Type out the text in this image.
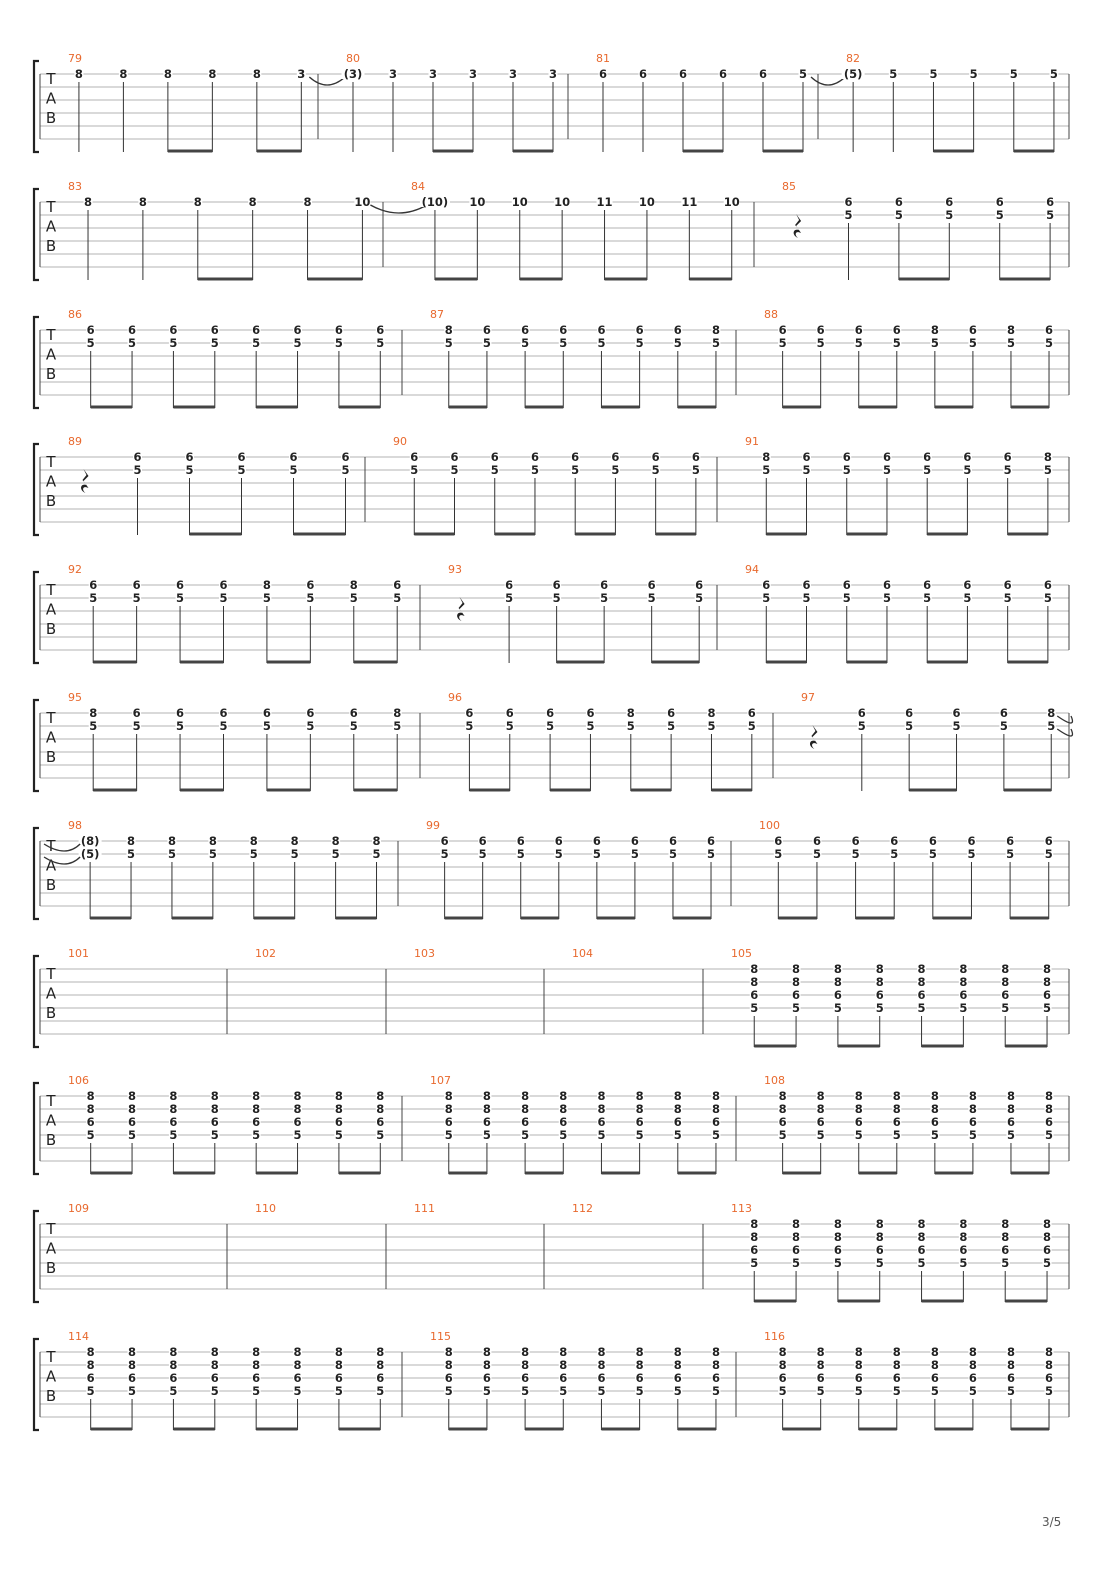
T
A
B
79
8	8	8	8	8	3
80
(3) 3	3	3	3	3
81
6	6	6	6	6	5
82
(5) 5	5	5	5	5
T
A
B
83
8	8	8	8	8	10
84
(10) 10 10 10 11 10 11 10
85
6
5
6
5
6
5
6
5
6
5
T
A
B
86
6
5
6
5
6
5
6
5
6
5
6
5
6
5
6
5
87
8
5
6
5
6
5
6
5
6
5
6
5
6
5
8
5
88
6
5
6
5
6
5
6
5
8
5
6
5
8
5
6
5
T
A
B
89
6
5
6
5
6
5
6
5
6
5
90
6
5
6
5
6
5
6
5
6
5
6
5
6
5
6
5
91
8
5
6
5
6
5
6
5
6
5
6
5
6
5
8
5
T
A
B
92
6
5
6
5
6
5
6
5
8
5
6
5
8
5
6
5
93
6
5
6
5
6
5
6
5
6
5
94
6
5
6
5
6
5
6
5
6
5
6
5
6
5
6
5
T
A
B
95
8
5
6
5
6
5
6
5
6
5
6
5
6
5
8
5
96
6
5
6
5
6
5
6
5
8
5
6
5
8
5
6
5
97
6
5
6
5
6
5
6
5
8
5
T
A
B
98
(8)
(5)
8
5
8
5
8
5
8
5
8
5
8
5
8
5
99
6
5
6
5
6
5
6
5
6
5
6
5
6
5
6
5
100
6
5
6
5
6
5
6
5
6
5
6
5
6
5
6
5
T
A
B
101	102	103	104	105
8
8
6
5
8
8
6
5
8
8
6
5
8
8
6
5
8
8
6
5
8
8
6
5
8
8
6
5
8
8
6
5
T
A
B
106
8
8
6
5
8
8
6
5
8
8
6
5
8
8
6
5
8
8
6
5
8
8
6
5
8
8
6
5
8
8
6
5
107
8
8
6
5
8
8
6
5
8
8
6
5
8
8
6
5
8
8
6
5
8
8
6
5
8
8
6
5
8
8
6
5
108
8
8
6
5
8
8
6
5
8
8
6
5
8
8
6
5
8
8
6
5
8
8
6
5
8
8
6
5
8
8
6
5
T
A
B
109	110	111	112	113
8
8
6
5
8
8
6
5
8
8
6
5
8
8
6
5
8
8
6
5
8
8
6
5
8
8
6
5
8
8
6
5
T
A
B
114
8
8
6
5
8
8
6
5
8
8
6
5
8
8
6
5
8
8
6
5
8
8
6
5
8
8
6
5
8
8
6
5
115
8
8
6
5
8
8
6
5
8
8
6
5
8
8
6
5
8
8
6
5
8
8
6
5
8
8
6
5
8
8
6
5
116
8
8
6
5
8
8
6
5
8
8
6
5
8
8
6
5
8
8
6
5
8
8
6
5
8
8
6
5
8
8
6
5
3/5
